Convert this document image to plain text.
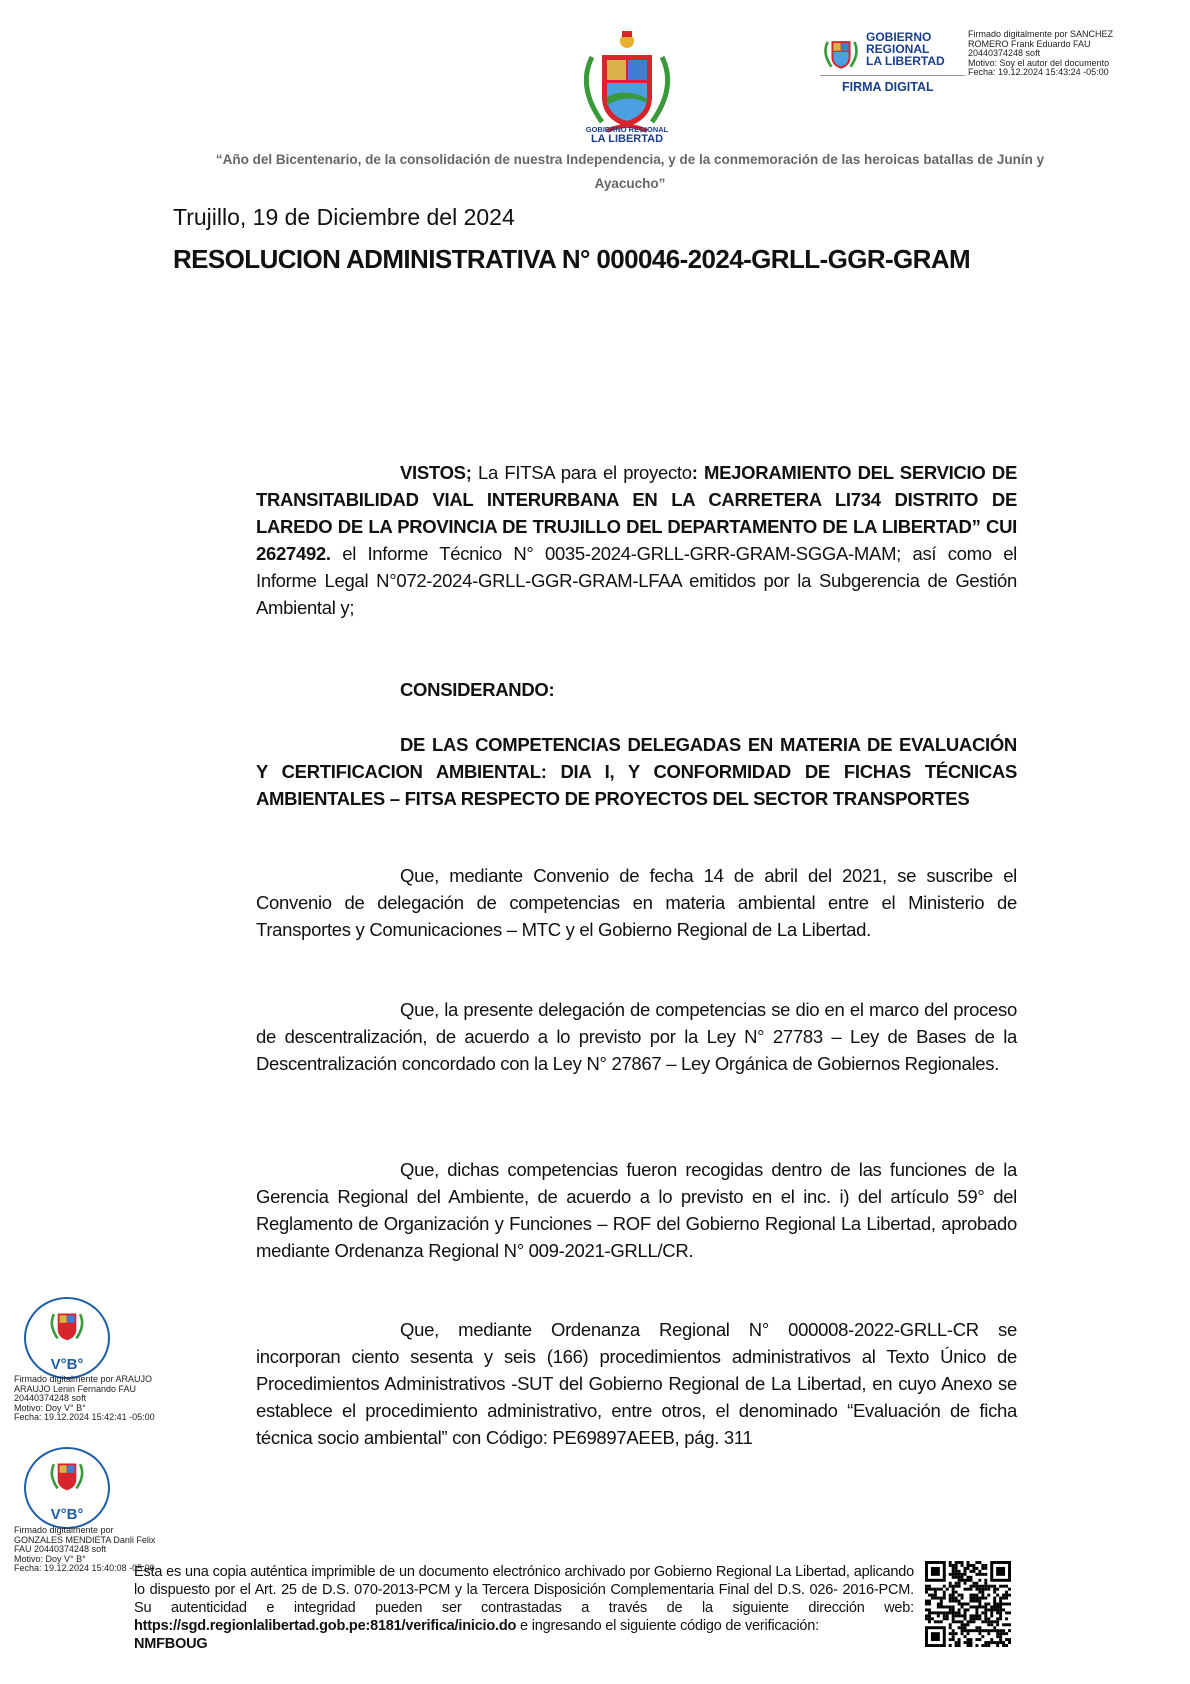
GOBIERNO REGIONAL
LA LIBERTAD
GOBIERNO
REGIONAL
LA LIBERTAD
FIRMA DIGITAL
Firmado digitalmente por SANCHEZ
ROMERO Frank Eduardo FAU
20440374248 soft
Motivo: Soy el autor del documento
Fecha: 19.12.2024 15:43:24 -05:00
“Año del Bicentenario, de la consolidación de nuestra Independencia, y de la conmemoración de las heroicas batallas de Junín y Ayacucho”
Trujillo, 19 de Diciembre del 2024
RESOLUCION ADMINISTRATIVA N° 000046-2024-GRLL-GGR-GRAM
VISTOS; La FITSA para el proyecto: MEJORAMIENTO DEL SERVICIO DE TRANSITABILIDAD VIAL INTERURBANA EN LA CARRETERA LI734 DISTRITO DE LAREDO DE LA PROVINCIA DE TRUJILLO DEL DEPARTAMENTO DE LA LIBERTAD” CUI 2627492. el Informe Técnico N° 0035-2024-GRLL-GRR-GRAM-SGGA-MAM; así como el Informe Legal N°072-2024-GRLL-GGR-GRAM-LFAA emitidos por la Subgerencia de Gestión Ambiental y;
CONSIDERANDO:
DE LAS COMPETENCIAS DELEGADAS EN MATERIA DE EVALUACIÓN Y CERTIFICACION AMBIENTAL: DIA I, Y CONFORMIDAD DE FICHAS TÉCNICAS AMBIENTALES – FITSA RESPECTO DE PROYECTOS DEL SECTOR TRANSPORTES
Que, mediante Convenio de fecha 14 de abril del 2021, se suscribe el Convenio de delegación de competencias en materia ambiental entre el Ministerio de Transportes y Comunicaciones – MTC y el Gobierno Regional de La Libertad.
Que, la presente delegación de competencias se dio en el marco del proceso de descentralización, de acuerdo a lo previsto por la Ley N° 27783 – Ley de Bases de la Descentralización concordado con la Ley N° 27867 – Ley Orgánica de Gobiernos Regionales.
Que, dichas competencias fueron recogidas dentro de las funciones de la Gerencia Regional del Ambiente, de acuerdo a lo previsto en el inc. i) del artículo 59° del Reglamento de Organización y Funciones – ROF del Gobierno Regional La Libertad, aprobado mediante Ordenanza Regional N° 009-2021-GRLL/CR.
Que, mediante Ordenanza Regional N° 000008-2022-GRLL-CR se incorporan ciento sesenta y seis (166) procedimientos administrativos al Texto Único de Procedimientos Administrativos -SUT del Gobierno Regional de La Libertad, en cuyo Anexo se establece el procedimiento administrativo, entre otros, el denominado “Evaluación de ficha técnica socio ambiental” con Código: PE69897AEEB, pág. 311
V°B°
Firmado digitalmente por ARAUJO
ARAUJO Lenin Fernando FAU
20440374248 soft
Motivo: Doy V° B°
Fecha: 19.12.2024 15:42:41 -05:00
V°B°
Firmado digitalmente por
GONZALES MENDIETA Danli Felix
FAU 20440374248 soft
Motivo: Doy V° B°
Fecha: 19.12.2024 15:40:08 -05:00
Esta es una copia auténtica imprimible de un documento electrónico archivado por Gobierno Regional La Libertad, aplicando lo dispuesto por el Art. 25 de D.S. 070-2013-PCM y la Tercera Disposición Complementaria Final del D.S. 026- 2016-PCM. Su autenticidad e integridad pueden ser contrastadas a través de la siguiente dirección web: https://sgd.regionlalibertad.gob.pe:8181/verifica/inicio.do e ingresando el siguiente código de verificación:
NMFBOUG
